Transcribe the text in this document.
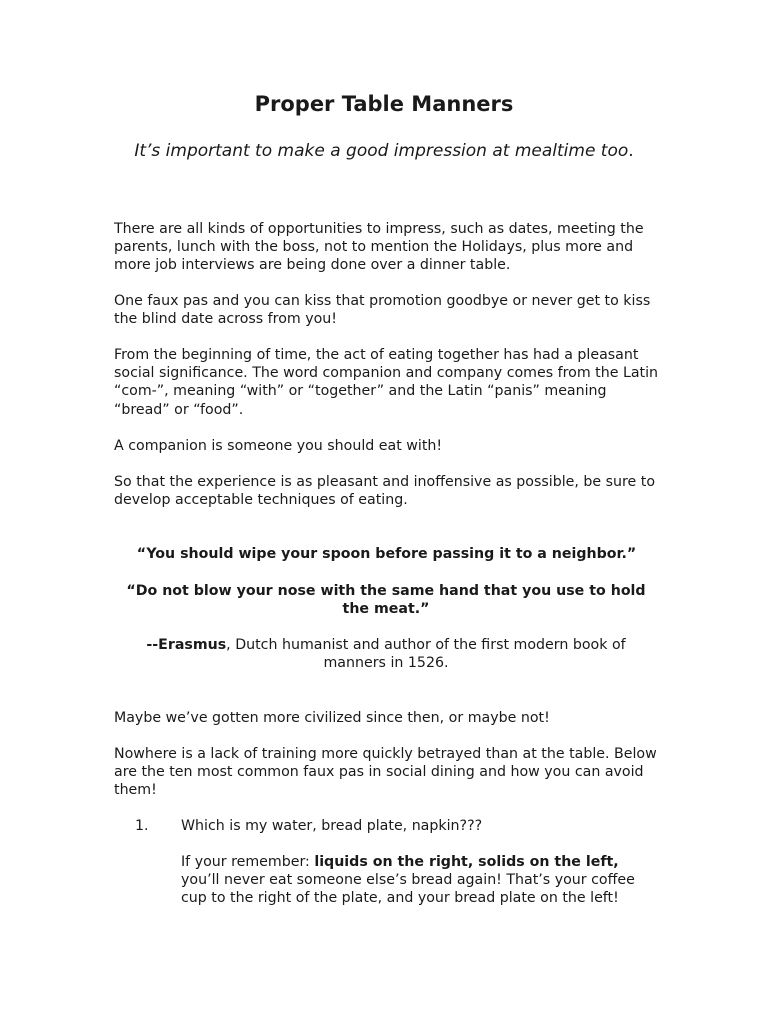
Proper Table Manners

It’s important to make a good impression at mealtime too.

There are all kinds of opportunities to impress, such as dates, meeting the parents, lunch with the boss, not to mention the Holidays, plus more and more job interviews are being done over a dinner table.

One faux pas and you can kiss that promotion goodbye or never get to kiss the blind date across from you!

From the beginning of time, the act of eating together has had a pleasant social significance. The word companion and company comes from the Latin “com-”, meaning “with” or “together” and the Latin “panis” meaning “bread” or “food”.

A companion is someone you should eat with!

So that the experience is as pleasant and inoffensive as possible, be sure to develop acceptable techniques of eating.

“You should wipe your spoon before passing it to a neighbor.”

“Do not blow your nose with the same hand that you use to hold the meat.”

--Erasmus, Dutch humanist and author of the first modern book of manners in 1526.

Maybe we’ve gotten more civilized since then, or maybe not!

Nowhere is a lack of training more quickly betrayed than at the table. Below are the ten most common faux pas in social dining and how you can avoid them!

1. Which is my water, bread plate, napkin???

If your remember: liquids on the right, solids on the left, you’ll never eat someone else’s bread again! That’s your coffee cup to the right of the plate, and your bread plate on the left!
